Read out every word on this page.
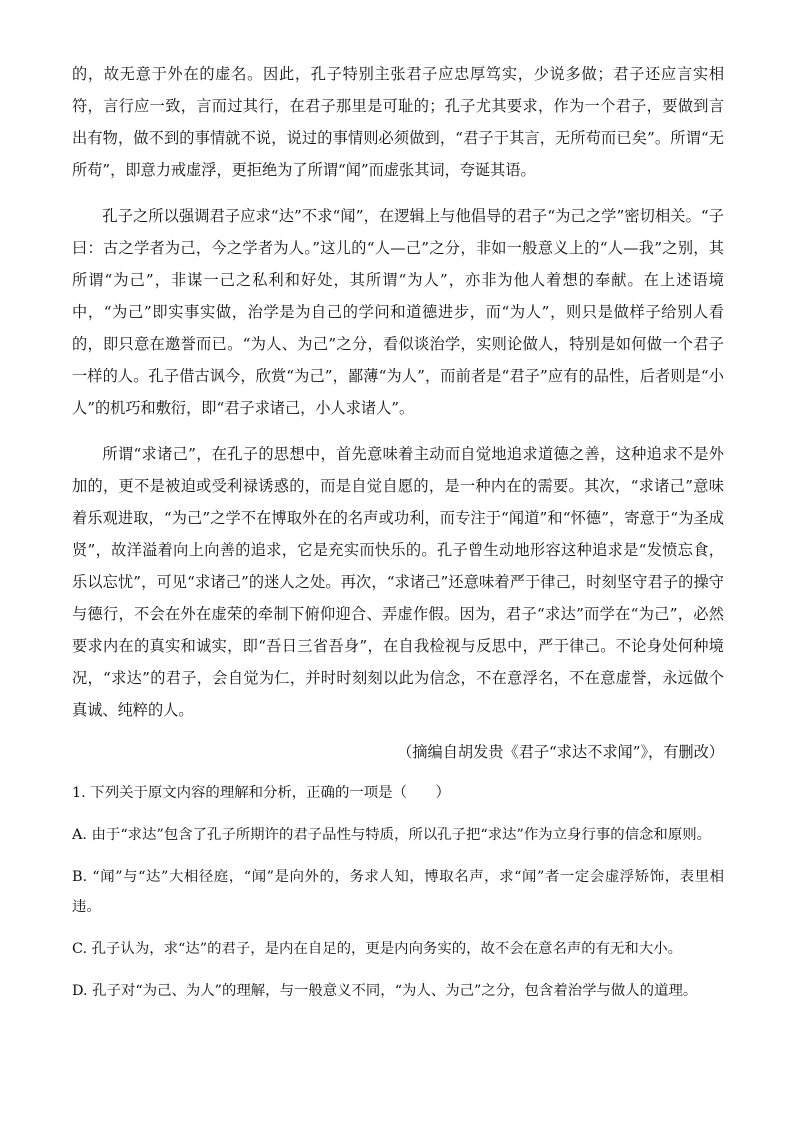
的，故无意于外在的虚名。因此，孔子特别主张君子应忠厚笃实，少说多做；君子还应言实相符，言行应一致，言而过其行，在君子那里是可耻的；孔子尤其要求，作为一个君子，要做到言出有物，做不到的事情就不说，说过的事情则必须做到，“君子于其言，无所苟而已矣”。所谓“无所苟”，即意力戒虚浮，更拒绝为了所谓“闻”而虚张其词，夸诞其语。

孔子之所以强调君子应求“达”不求“闻”，在逻辑上与他倡导的君子“为己之学”密切相关。“子曰：古之学者为己，今之学者为人。”这儿的“人—己”之分，非如一般意义上的“人—我”之别，其所谓“为己”，非谋一己之私利和好处，其所谓“为人”，亦非为他人着想的奉献。在上述语境中，“为己”即实事实做，治学是为自己的学问和道德进步，而“为人”，则只是做样子给别人看的，即只意在邀誉而已。“为人、为己”之分，看似谈治学，实则论做人，特别是如何做一个君子一样的人。孔子借古讽今，欣赏“为己”，鄙薄“为人”，而前者是“君子”应有的品性，后者则是“小人”的机巧和敷衍，即“君子求诸己，小人求诸人”。

所谓“求诸己”，在孔子的思想中，首先意味着主动而自觉地追求道德之善，这种追求不是外加的，更不是被迫或受利禄诱惑的，而是自觉自愿的，是一种内在的需要。其次，“求诸己”意味着乐观进取，“为己”之学不在博取外在的名声或功利，而专注于“闻道”和“怀德”，寄意于“为圣成贤”，故洋溢着向上向善的追求，它是充实而快乐的。孔子曾生动地形容这种追求是“发愤忘食，乐以忘忧”，可见“求诸己”的迷人之处。再次，“求诸己”还意味着严于律己，时刻坚守君子的操守与德行，不会在外在虚荣的牵制下俯仰迎合、弄虚作假。因为，君子“求达”而学在“为己”，必然要求内在的真实和诚实，即“吾日三省吾身”，在自我检视与反思中，严于律己。不论身处何种境况，“求达”的君子，会自觉为仁，并时时刻刻以此为信念，不在意浮名，不在意虚誉，永远做个真诚、纯粹的人。

（摘编自胡发贵《君子“求达不求闻”》，有删改）

1. 下列关于原文内容的理解和分析，正确的一项是（　　）

A. 由于“求达”包含了孔子所期许的君子品性与特质，所以孔子把“求达”作为立身行事的信念和原则。

B. “闻”与“达”大相径庭，“闻”是向外的，务求人知，博取名声，求“闻”者一定会虚浮矫饰，表里相违。

C. 孔子认为，求“达”的君子，是内在自足的，更是内向务实的，故不会在意名声的有无和大小。

D. 孔子对“为己、为人”的理解，与一般意义不同，“为人、为己”之分，包含着治学与做人的道理。
